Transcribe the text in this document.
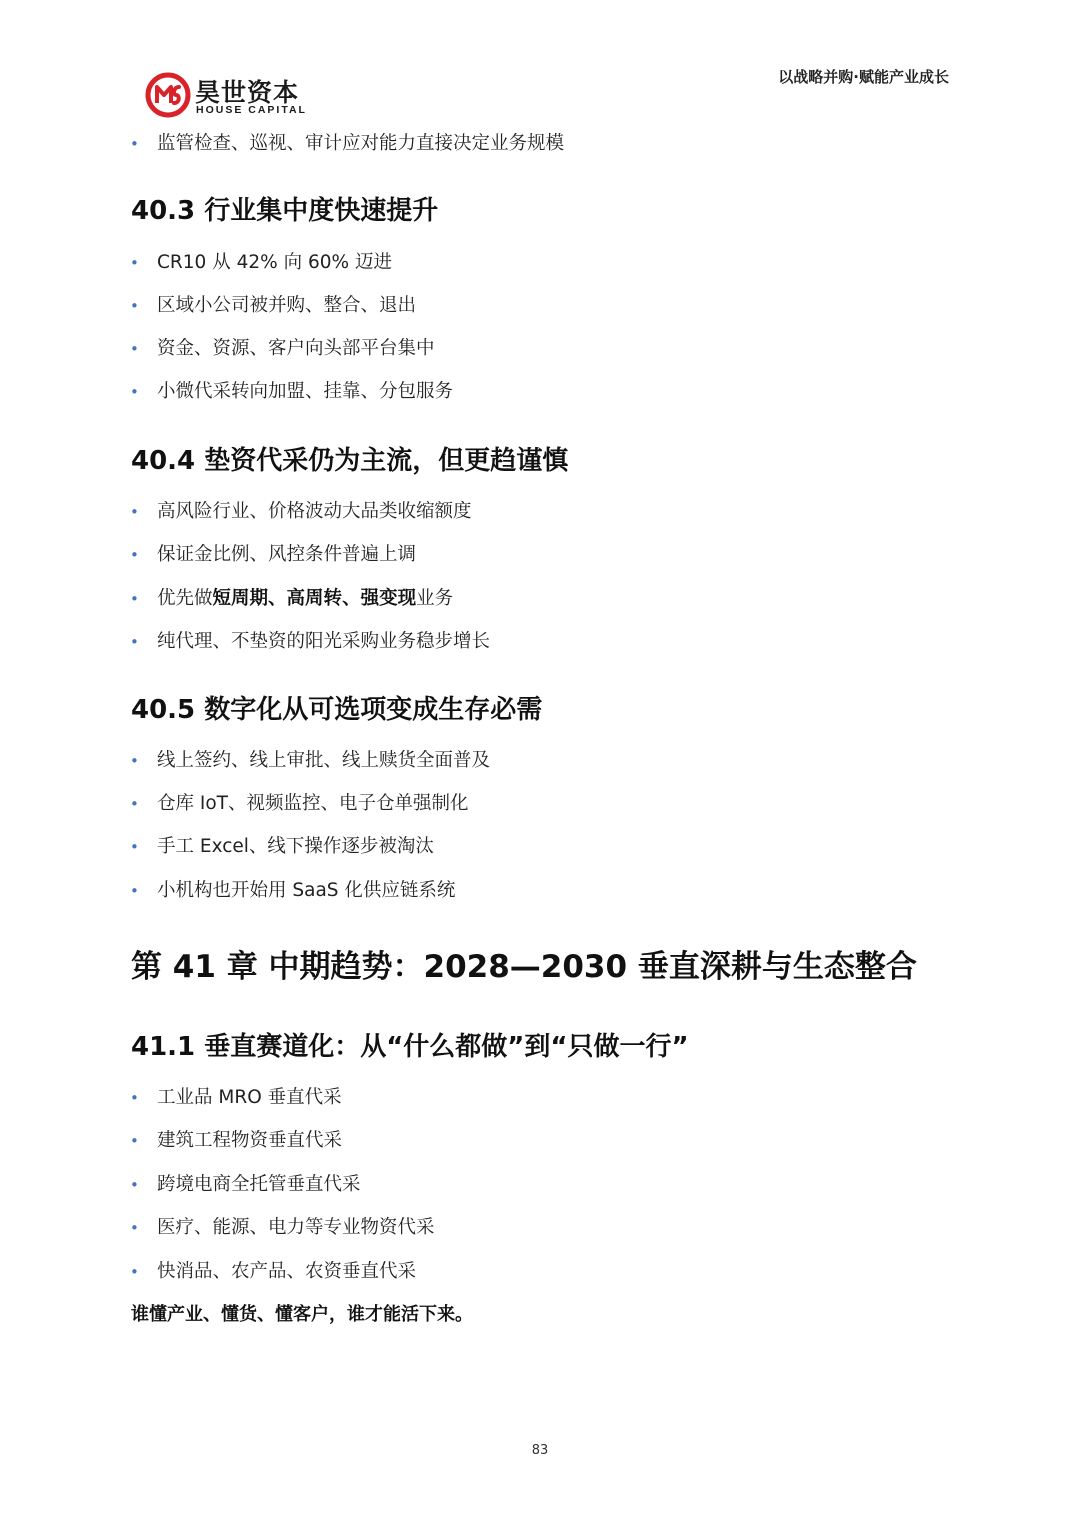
昊世资本
HOUSE CAPITAL
以战略并购·赋能产业成长
• 监管检查、巡视、审计应对能力直接决定业务规模
40.3 行业集中度快速提升
• CR10 从 42% 向 60% 迈进
• 区域小公司被并购、整合、退出
• 资金、资源、客户向头部平台集中
• 小微代采转向加盟、挂靠、分包服务
40.4 垫资代采仍为主流，但更趋谨慎
• 高风险行业、价格波动大品类收缩额度
• 保证金比例、风控条件普遍上调
• 优先做短周期、高周转、强变现业务
• 纯代理、不垫资的阳光采购业务稳步增长
40.5 数字化从可选项变成生存必需
• 线上签约、线上审批、线上赎货全面普及
• 仓库 IoT、视频监控、电子仓单强制化
• 手工 Excel、线下操作逐步被淘汰
• 小机构也开始用 SaaS 化供应链系统
第 41 章 中期趋势：2028—2030 垂直深耕与生态整合
41.1 垂直赛道化：从“什么都做”到“只做一行”
• 工业品 MRO 垂直代采
• 建筑工程物资垂直代采
• 跨境电商全托管垂直代采
• 医疗、能源、电力等专业物资代采
• 快消品、农产品、农资垂直代采
谁懂产业、懂货、懂客户，谁才能活下来。
83
